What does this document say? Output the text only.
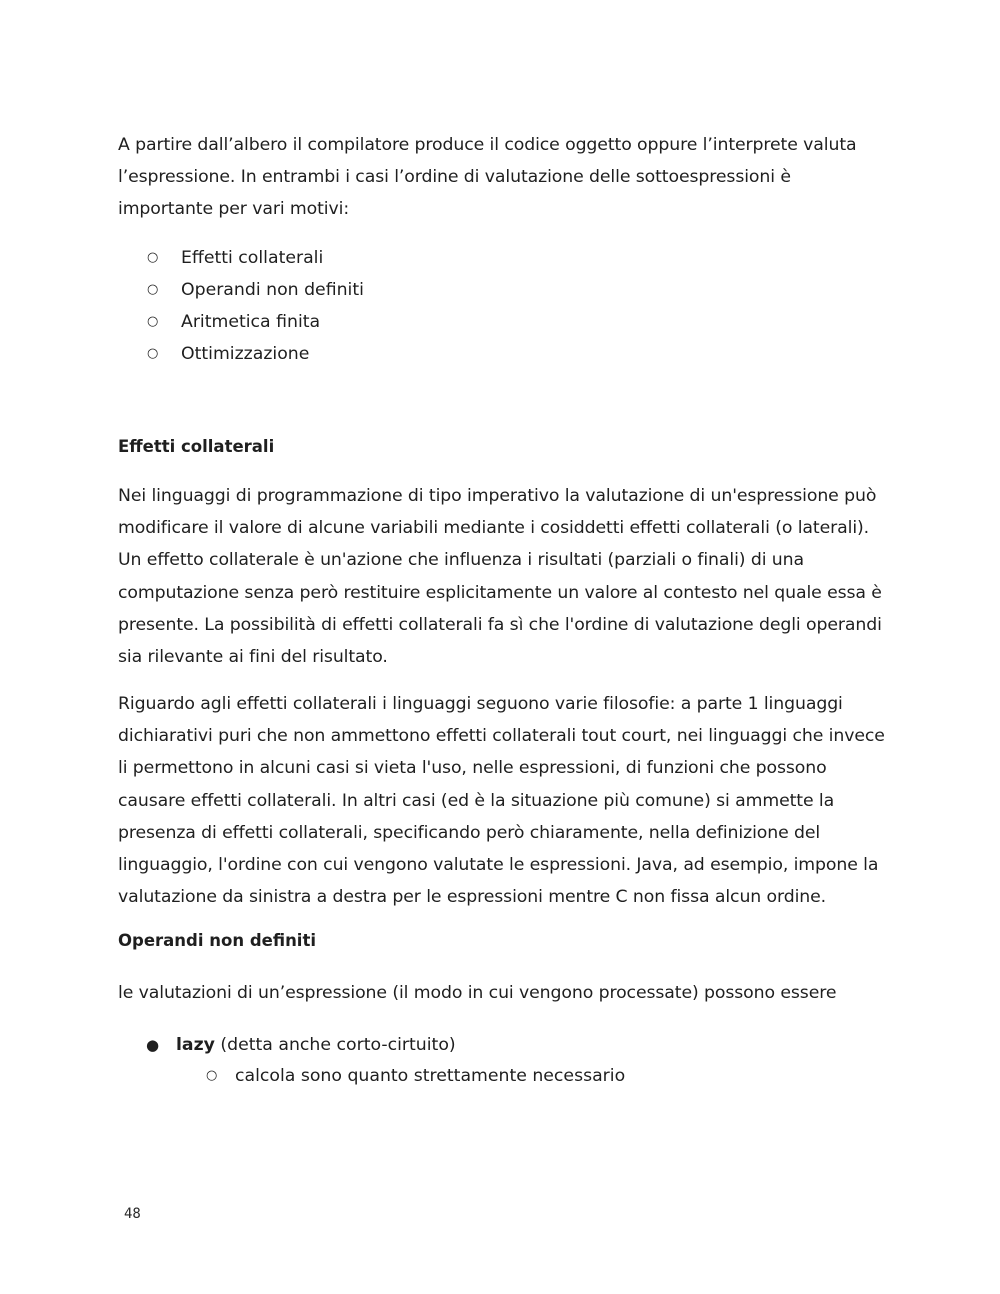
A partire dall’albero il compilatore produce il codice oggetto oppure l’interprete valuta l’espressione. In entrambi i casi l’ordine di valutazione delle sottoespressioni è importante per vari motivi:

○ Effetti collaterali
○ Operandi non definiti
○ Aritmetica finita
○ Ottimizzazione
Effetti collaterali

Nei linguaggi di programmazione di tipo imperativo la valutazione di un'espressione può modificare il valore di alcune variabili mediante i cosiddetti effetti collaterali (o laterali). Un effetto collaterale è un'azione che influenza i risultati (parziali o finali) di una computazione senza però restituire esplicitamente un valore al contesto nel quale essa è presente. La possibilità di effetti collaterali fa sì che l'ordine di valutazione degli operandi sia rilevante ai fini del risultato.

Riguardo agli effetti collaterali i linguaggi seguono varie filosofie: a parte 1 linguaggi dichiarativi puri che non ammettono effetti collaterali tout court, nei linguaggi che invece li permettono in alcuni casi si vieta l'uso, nelle espressioni, di funzioni che possono causare effetti collaterali. In altri casi (ed è la situazione più comune) si ammette la presenza di effetti collaterali, specificando però chiaramente, nella definizione del linguaggio, l'ordine con cui vengono valutate le espressioni. Java, ad esempio, impone la valutazione da sinistra a destra per le espressioni mentre C non fissa alcun ordine.

Operandi non definiti

le valutazioni di un’espressione (il modo in cui vengono processate) possono essere

● lazy (detta anche corto-cirtuito)
○ calcola sono quanto strettamente necessario
48
